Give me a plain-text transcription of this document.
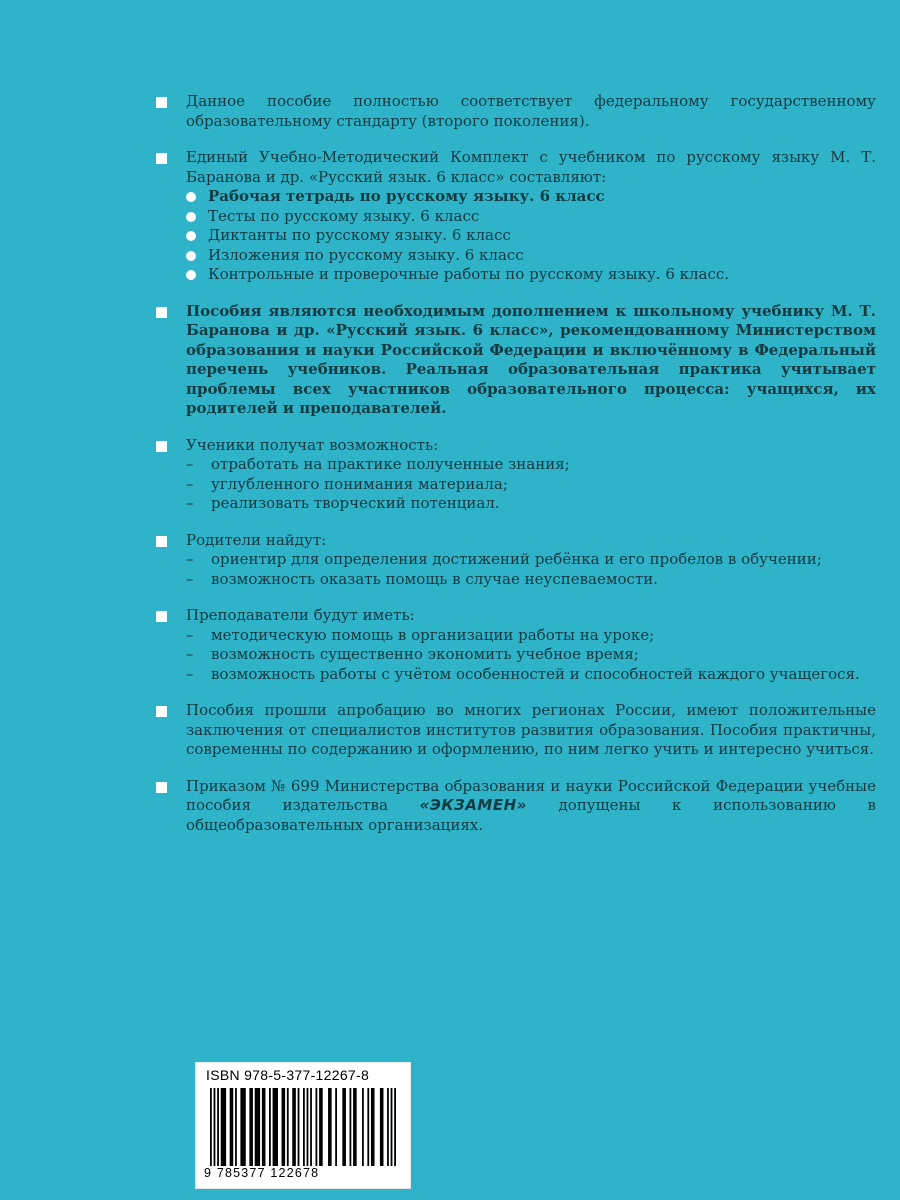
Данное пособие полностью соответствует федеральному государственному образовательному стандарту (второго поколения).
Единый Учебно-Методический Комплект с учебником по русскому языку М. Т. Баранова и др. «Русский язык. 6 класс» составляют:
Рабочая тетрадь по русскому языку. 6 класс
Тесты по русскому языку. 6 класс
Диктанты по русскому языку. 6 класс
Изложения по русскому языку. 6 класс
Контрольные и проверочные работы по русскому языку. 6 класс.
Пособия являются необходимым дополнением к школьному учебнику М. Т. Баранова и др. «Русский язык. 6 класс», рекомендованному Министерством образования и науки Российской Федерации и включённому в Федеральный перечень учебников. Реальная образовательная практика учитывает проблемы всех участников образовательного процесса: учащихся, их родителей и преподавателей.
Ученики получат возможность:
– отработать на практике полученные знания;
– углубленного понимания материала;
– реализовать творческий потенциал.
Родители найдут:
– ориентир для определения достижений ребёнка и его пробелов в обучении;
– возможность оказать помощь в случае неуспеваемости.
Преподаватели будут иметь:
– методическую помощь в организации работы на уроке;
– возможность существенно экономить учебное время;
– возможность работы с учётом особенностей и способностей каждого учащегося.
Пособия прошли апробацию во многих регионах России, имеют положительные заключения от специалистов институтов развития образования. Пособия практичны, современны по содержанию и оформлению, по ним легко учить и интересно учиться.
Приказом № 699 Министерства образования и науки Российской Федерации учебные пособия издательства «ЭКЗАМЕН» допущены к использованию в общеобразовательных организациях.
ISBN 978-5-377-12267-8
9 785377 122678
